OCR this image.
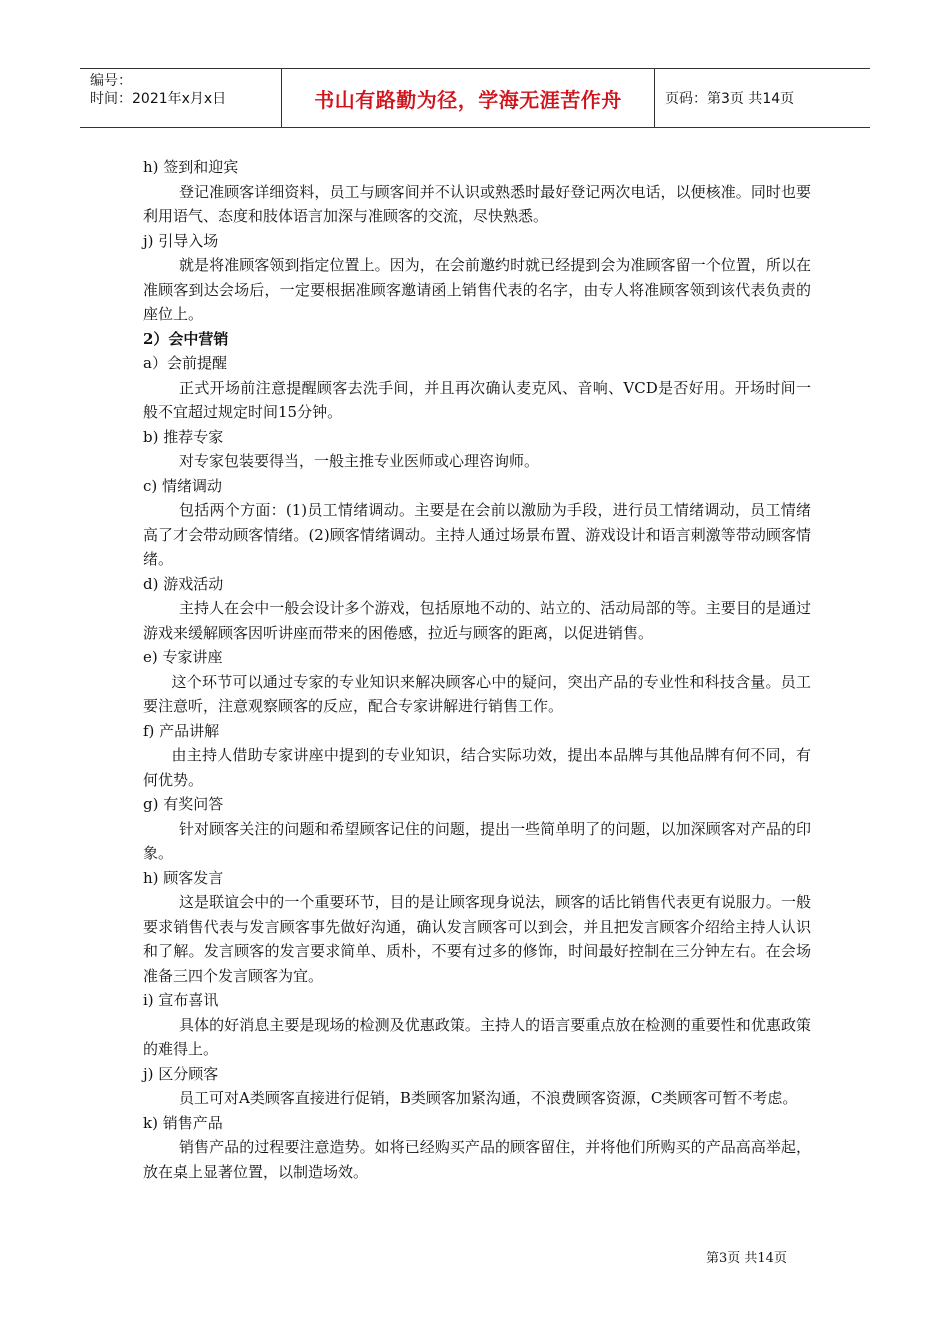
编号：
时间：2021年x月x日	书山有路勤为径，学海无涯苦作舟	页码：第3页 共14页

h) 签到和迎宾

登记准顾客详细资料，员工与顾客间并不认识或熟悉时最好登记两次电话，以便核准。同时也要利用语气、态度和肢体语言加深与准顾客的交流，尽快熟悉。

j) 引导入场

就是将准顾客领到指定位置上。因为，在会前邀约时就已经提到会为准顾客留一个位置，所以在准顾客到达会场后，一定要根据准顾客邀请函上销售代表的名字，由专人将准顾客领到该代表负责的座位上。

2）会中营销

a）会前提醒

正式开场前注意提醒顾客去洗手间，并且再次确认麦克风、音响、VCD是否好用。开场时间一般不宜超过规定时间15分钟。

b) 推荐专家

对专家包装要得当，一般主推专业医师或心理咨询师。

c) 情绪调动

包括两个方面：(1)员工情绪调动。主要是在会前以激励为手段，进行员工情绪调动，员工情绪高了才会带动顾客情绪。(2)顾客情绪调动。主持人通过场景布置、游戏设计和语言刺激等带动顾客情绪。

d) 游戏活动

主持人在会中一般会设计多个游戏，包括原地不动的、站立的、活动局部的等。主要目的是通过游戏来缓解顾客因听讲座而带来的困倦感，拉近与顾客的距离，以促进销售。

e) 专家讲座

这个环节可以通过专家的专业知识来解决顾客心中的疑问，突出产品的专业性和科技含量。员工要注意听，注意观察顾客的反应，配合专家讲解进行销售工作。

f) 产品讲解

由主持人借助专家讲座中提到的专业知识，结合实际功效，提出本品牌与其他品牌有何不同，有何优势。

g) 有奖问答

针对顾客关注的问题和希望顾客记住的问题，提出一些简单明了的问题，以加深顾客对产品的印象。

h) 顾客发言

这是联谊会中的一个重要环节，目的是让顾客现身说法，顾客的话比销售代表更有说服力。一般要求销售代表与发言顾客事先做好沟通，确认发言顾客可以到会，并且把发言顾客介绍给主持人认识和了解。发言顾客的发言要求简单、质朴，不要有过多的修饰，时间最好控制在三分钟左右。在会场准备三四个发言顾客为宜。

i) 宣布喜讯

具体的好消息主要是现场的检测及优惠政策。主持人的语言要重点放在检测的重要性和优惠政策的难得上。

j) 区分顾客

员工可对A类顾客直接进行促销，B类顾客加紧沟通，不浪费顾客资源，C类顾客可暂不考虑。

k) 销售产品

销售产品的过程要注意造势。如将已经购买产品的顾客留住，并将他们所购买的产品高高举起，放在桌上显著位置，以制造场效。

第3页 共14页
